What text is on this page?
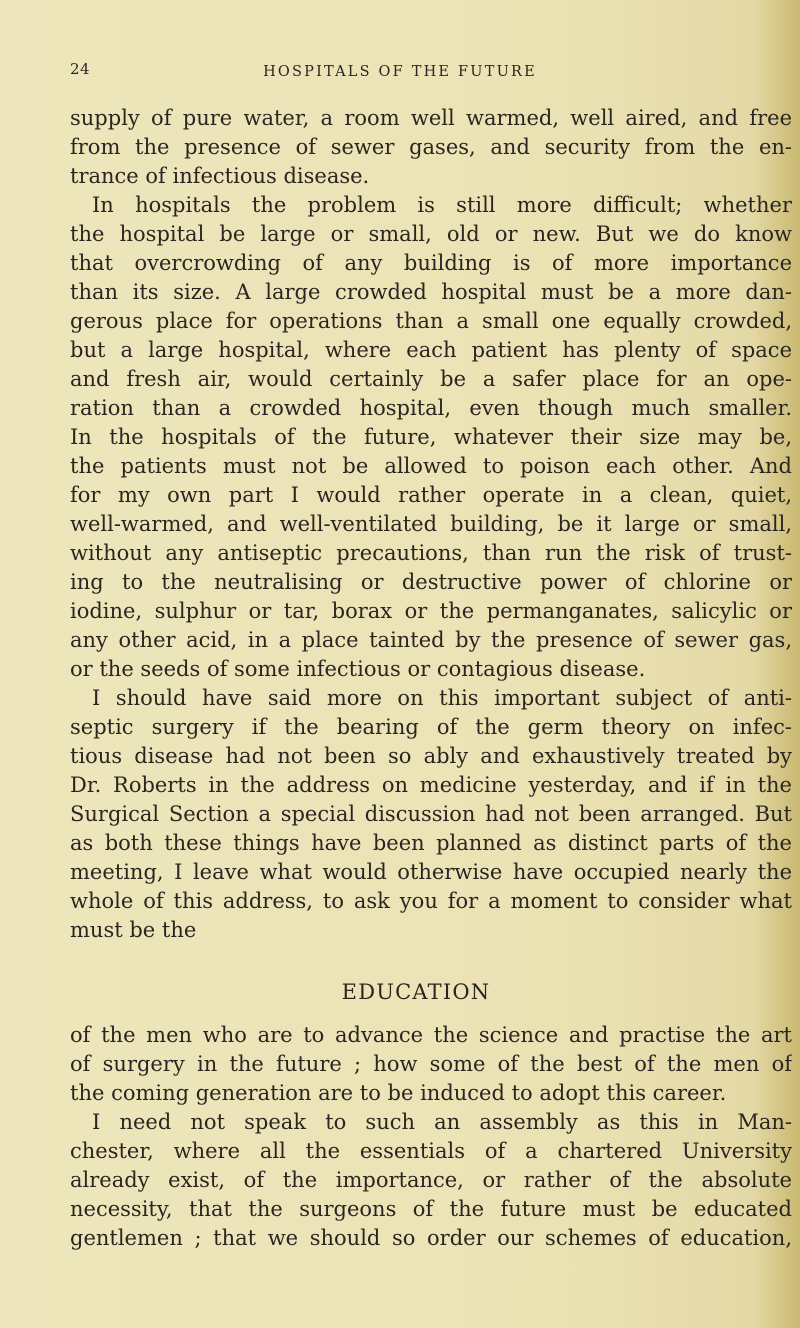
24	HOSPITALS OF THE FUTURE
supply of pure water, a room well warmed, well aired, and free
from the presence of sewer gases, and security from the en-
trance of infectious disease.
In hospitals the problem is still more difficult; whether
the hospital be large or small, old or new. But we do know
that overcrowding of any building is of more importance
than its size. A large crowded hospital must be a more dan-
gerous place for operations than a small one equally crowded,
but a large hospital, where each patient has plenty of space
and fresh air, would certainly be a safer place for an ope-
ration than a crowded hospital, even though much smaller.
In the hospitals of the future, whatever their size may be,
the patients must not be allowed to poison each other. And
for my own part I would rather operate in a clean, quiet,
well-warmed, and well-ventilated building, be it large or small,
without any antiseptic precautions, than run the risk of trust-
ing to the neutralising or destructive power of chlorine or
iodine, sulphur or tar, borax or the permanganates, salicylic or
any other acid, in a place tainted by the presence of sewer gas,
or the seeds of some infectious or contagious disease.
I should have said more on this important subject of anti-
septic surgery if the bearing of the germ theory on infec-
tious disease had not been so ably and exhaustively treated by
Dr. Roberts in the address on medicine yesterday, and if in the
Surgical Section a special discussion had not been arranged. But
as both these things have been planned as distinct parts of the
meeting, I leave what would otherwise have occupied nearly the
whole of this address, to ask you for a moment to consider what
must be the
EDUCATION
of the men who are to advance the science and practise the art
of surgery in the future ; how some of the best of the men of
the coming generation are to be induced to adopt this career.
I need not speak to such an assembly as this in Man-
chester, where all the essentials of a chartered University
already exist, of the importance, or rather of the absolute
necessity, that the surgeons of the future must be educated
gentlemen ; that we should so order our schemes of education,
